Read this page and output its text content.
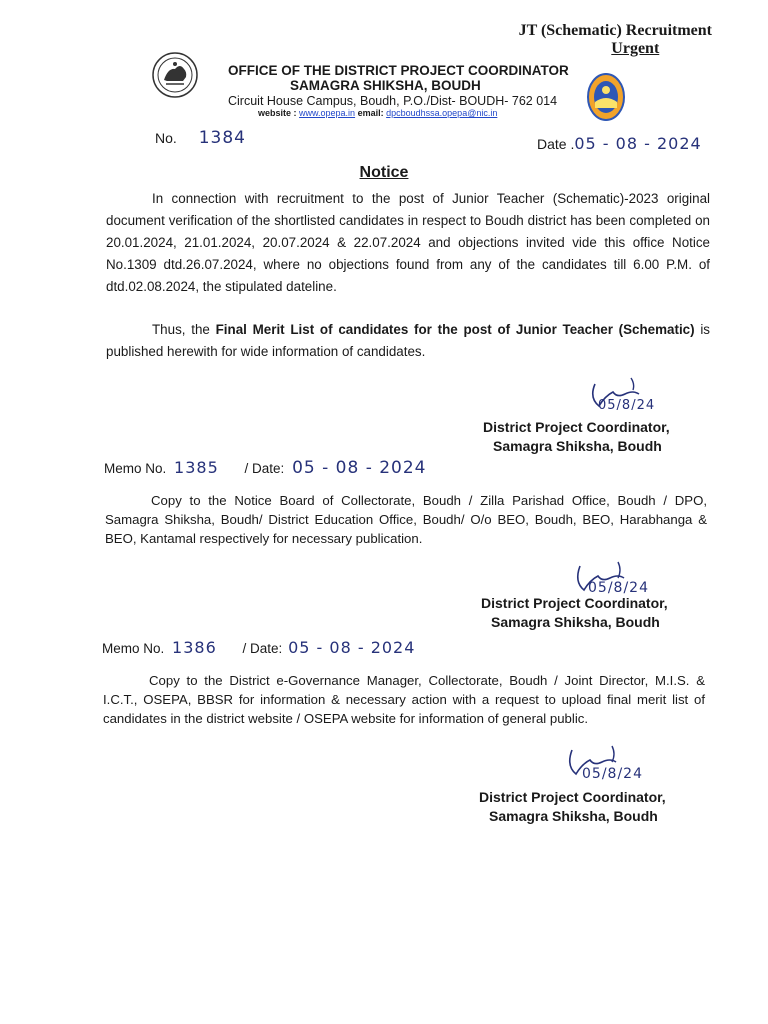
JT (Schematic) Recruitment
Urgent
OFFICE OF THE DISTRICT PROJECT COORDINATOR
SAMAGRA SHIKSHA, BOUDH
Circuit House Campus, Boudh, P.O./Dist- BOUDH- 762 014
website : www.opepa.in email: dpcboudhssa.opepa@nic.in
No. 1384	Date .05 - 08 - 2024
Notice
In connection with recruitment to the post of Junior Teacher (Schematic)-2023 original document verification of the shortlisted candidates in respect to Boudh district has been completed on 20.01.2024, 21.01.2024, 20.07.2024 & 22.07.2024 and objections invited vide this office Notice No.1309 dtd.26.07.2024, where no objections found from any of the candidates till 6.00 P.M. of dtd.02.08.2024, the stipulated dateline.
Thus, the Final Merit List of candidates for the post of Junior Teacher (Schematic) is published herewith for wide information of candidates.
05/8/24
District Project Coordinator,
Samagra Shiksha, Boudh
Memo No. 1385 / Date: 05 - 08 - 2024
Copy to the Notice Board of Collectorate, Boudh / Zilla Parishad Office, Boudh / DPO, Samagra Shiksha, Boudh/ District Education Office, Boudh/ O/o BEO, Boudh, BEO, Harabhanga & BEO, Kantamal respectively for necessary publication.
05/8/24
District Project Coordinator,
Samagra Shiksha, Boudh
Memo No. 1386 / Date: 05 - 08 - 2024
Copy to the District e-Governance Manager, Collectorate, Boudh / Joint Director, M.I.S. & I.C.T., OSEPA, BBSR for information & necessary action with a request to upload final merit list of candidates in the district website / OSEPA website for information of general public.
05/8/24
District Project Coordinator,
Samagra Shiksha, Boudh
